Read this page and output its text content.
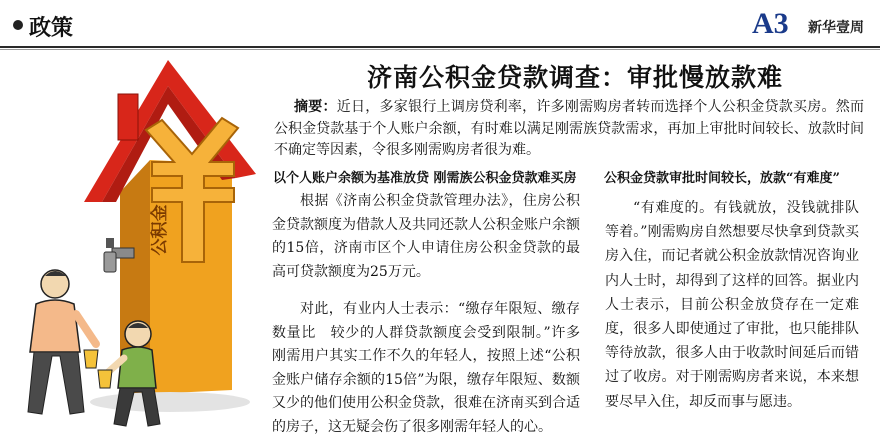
政策	A3 新华壹周
公积金
济南公积金贷款调查：审批慢放款难
摘要：近日，多家银行上调房贷利率，许多刚需购房者转而选择个人公积金贷款买房。然而公积金贷款基于个人账户余额，有时难以满足刚需族贷款需求，再加上审批时间较长、放款时间不确定等因素，令很多刚需购房者很为难。
以个人账户余额为基准放贷 刚需族公积金贷款难买房 公积金贷款审批时间较长，放款“有难度”

根据《济南公积金贷款管理办法》，住房公积金贷款额度为借款人及共同还款人公积金账户余额的15倍，济南市区个人申请住房公积金贷款的最高可贷款额度为25万元。

对此，有业内人士表示：“缴存年限短、缴存数量比　较少的人群贷款额度会受到限制。”许多刚需用户其实工作不久的年轻人，按照上述“公积金账户储存余额的15倍”为限，缴存年限短、数额又少的他们使用公积金贷款，很难在济南买到合适的房子，这无疑会伤了很多刚需年轻人的心。

“有难度的。有钱就放，没钱就排队等着。”刚需购房自然想要尽快拿到贷款买房入住，而记者就公积金放款情况咨询业内人士时，却得到了这样的回答。据业内人士表示，目前公积金放贷存在一定难度，很多人即使通过了审批，也只能排队等待放款，很多人由于收款时间延后而错过了收房。对于刚需购房者来说，本来想要尽早入住，却反而事与愿违。
